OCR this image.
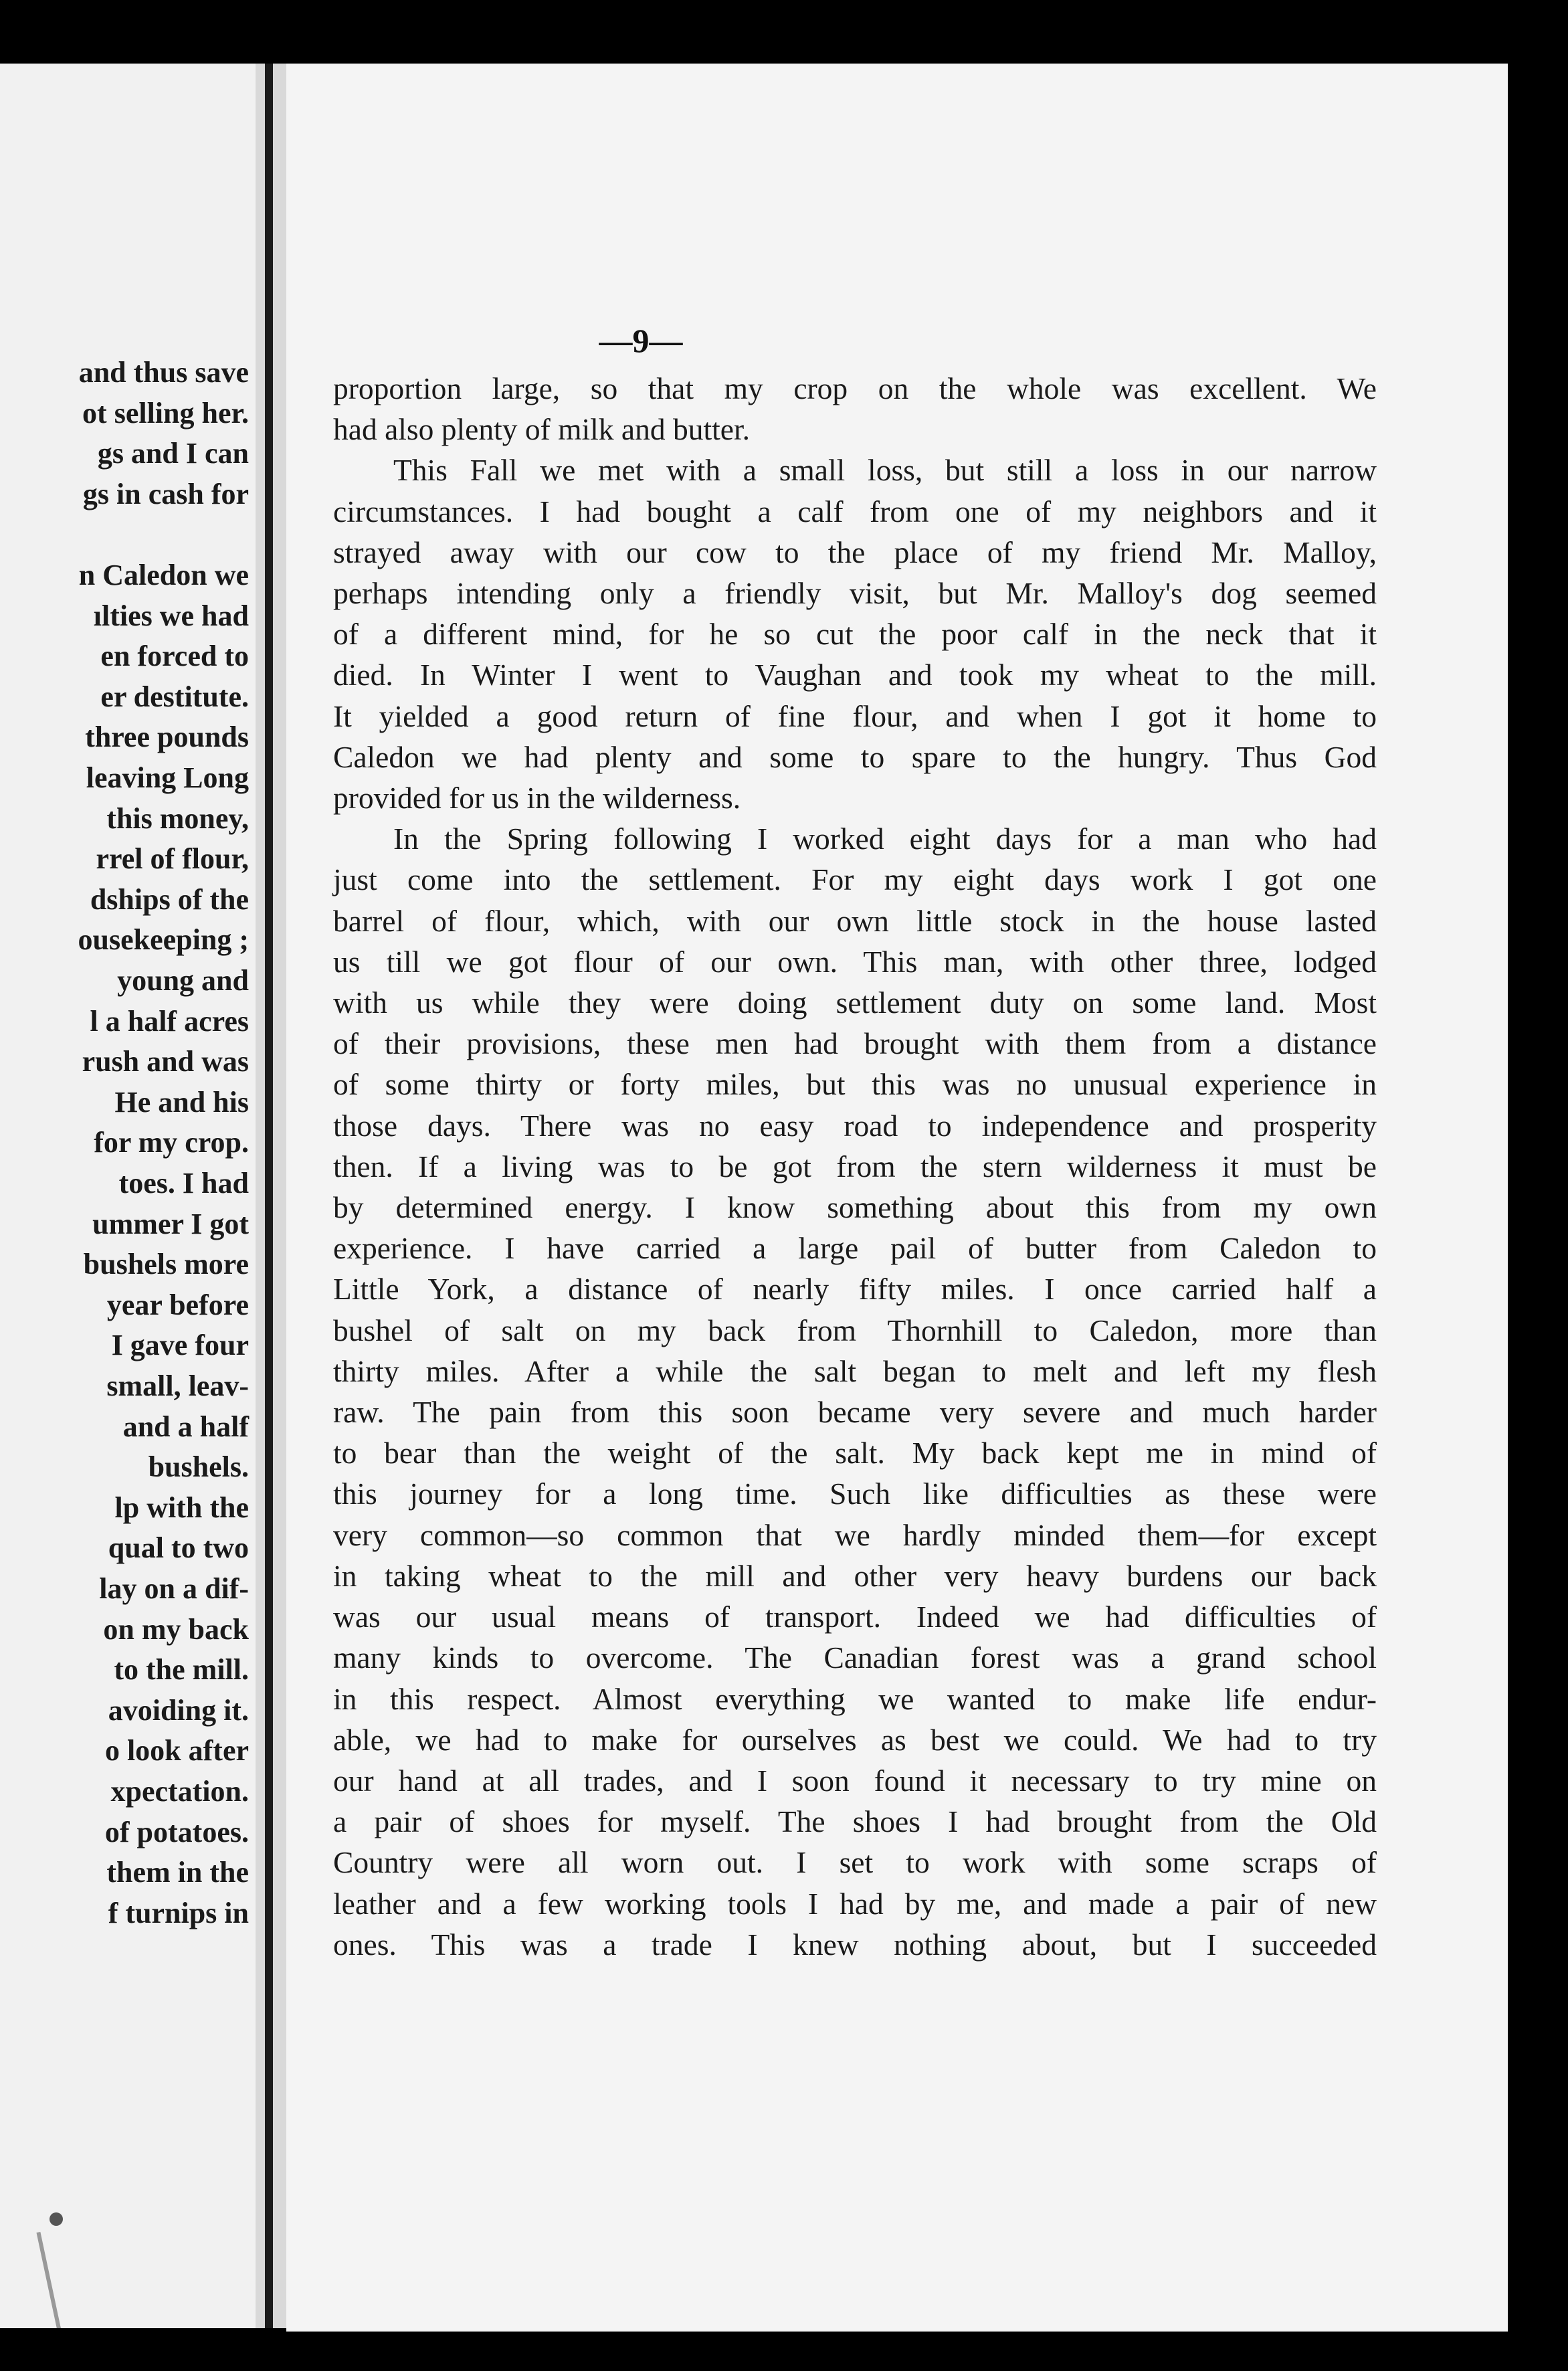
and thus save
ot selling her.
gs and I can
gs in cash for
n Caledon we
ılties we had
en forced to
er destitute.
three pounds
leaving Long
this money,
rrel of flour,
dships of the
ousekeeping ;
young and
l a half acres
rush and was
He and his
for my crop.
toes. I had
ummer I got
bushels more
year before
I gave four
small, leav-
and a half
bushels.
lp with the
qual to two
lay on a dif-
on my back
to the mill.
avoiding it.
o look after
xpectation.
of potatoes.
them in the
f turnips in
—9—
proportion large, so that my crop on the whole was excellent. We
had also plenty of milk and butter.
This Fall we met with a small loss, but still a loss in our narrow
circumstances. I had bought a calf from one of my neighbors and it
strayed away with our cow to the place of my friend Mr. Malloy,
perhaps intending only a friendly visit, but Mr. Malloy's dog seemed
of a different mind, for he so cut the poor calf in the neck that it
died. In Winter I went to Vaughan and took my wheat to the mill.
It yielded a good return of fine flour, and when I got it home to
Caledon we had plenty and some to spare to the hungry. Thus God
provided for us in the wilderness.
In the Spring following I worked eight days for a man who had
just come into the settlement. For my eight days work I got one
barrel of flour, which, with our own little stock in the house lasted
us till we got flour of our own. This man, with other three, lodged
with us while they were doing settlement duty on some land. Most
of their provisions, these men had brought with them from a distance
of some thirty or forty miles, but this was no unusual experience in
those days. There was no easy road to independence and prosperity
then. If a living was to be got from the stern wilderness it must be
by determined energy. I know something about this from my own
experience. I have carried a large pail of butter from Caledon to
Little York, a distance of nearly fifty miles. I once carried half a
bushel of salt on my back from Thornhill to Caledon, more than
thirty miles. After a while the salt began to melt and left my flesh
raw. The pain from this soon became very severe and much harder
to bear than the weight of the salt. My back kept me in mind of
this journey for a long time. Such like difficulties as these were
very common—so common that we hardly minded them—for except
in taking wheat to the mill and other very heavy burdens our back
was our usual means of transport. Indeed we had difficulties of
many kinds to overcome. The Canadian forest was a grand school
in this respect. Almost everything we wanted to make life endur-
able, we had to make for ourselves as best we could. We had to try
our hand at all trades, and I soon found it necessary to try mine on
a pair of shoes for myself. The shoes I had brought from the Old
Country were all worn out. I set to work with some scraps of
leather and a few working tools I had by me, and made a pair of new
ones. This was a trade I knew nothing about, but I succeeded
